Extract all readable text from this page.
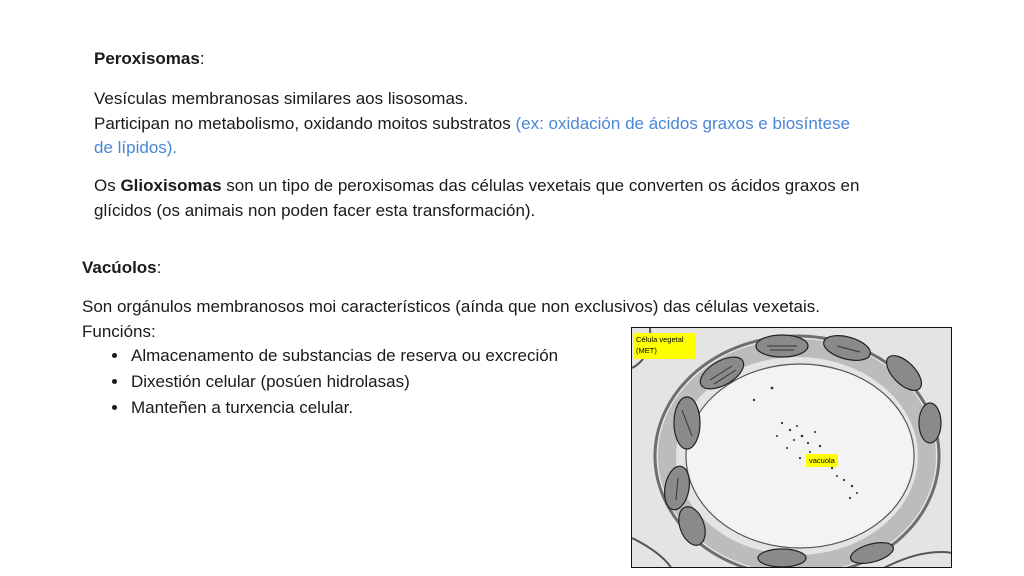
Peroxisomas:
Vesículas membranosas similares aos lisosomas.
Participan no metabolismo, oxidando moitos substratos (ex: oxidación de ácidos graxos e biosíntese de lípidos).
Os Glioxisomas son un tipo de peroxisomas das células vexetais que converten os ácidos graxos en glícidos (os animais non poden facer esta transformación).
Vacúolos:
Son orgánulos membranosos moi característicos (aínda que non exclusivos) das células vexetais.
Funcións:
• Almacenamento de substancias de reserva ou excreción
• Dixestión celular (posúen hidrolasas)
• Manteñen a turxencia celular.
Célula vegetal
(MET)
vacuola
